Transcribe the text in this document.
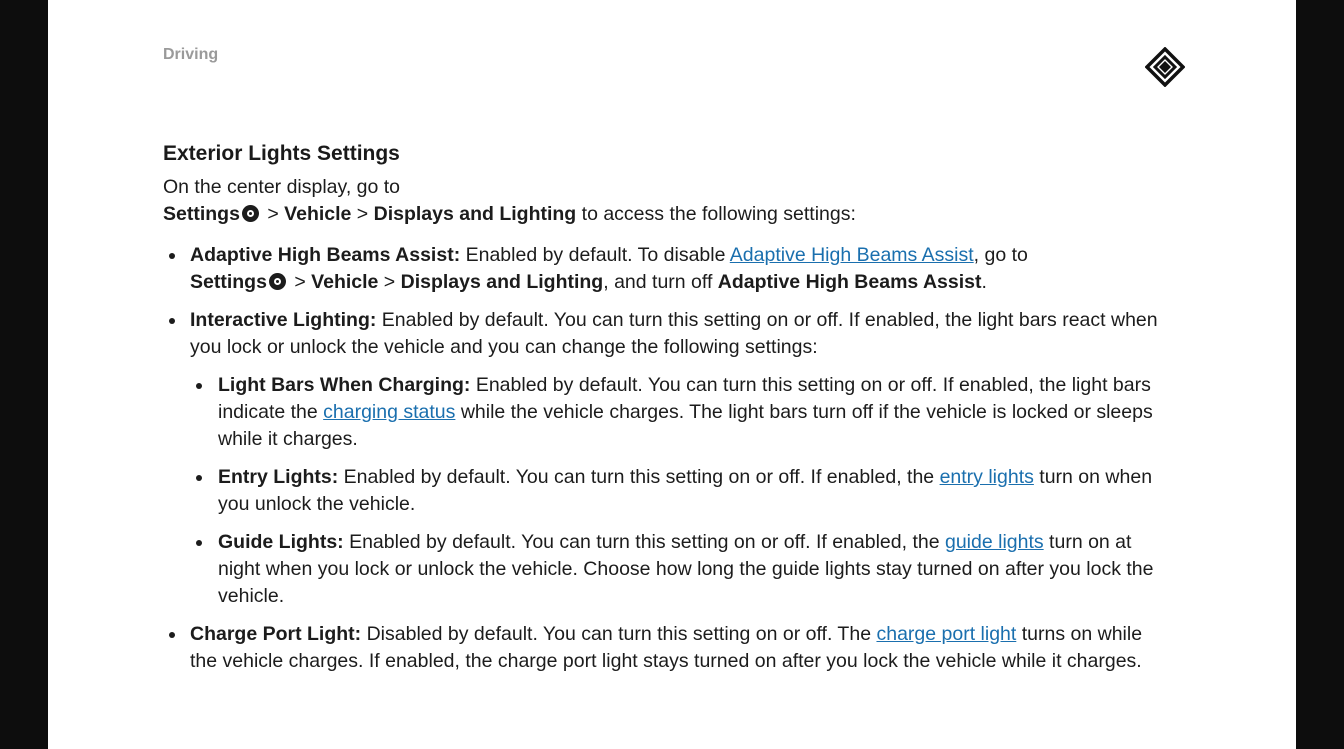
Driving
Exterior Lights Settings

On the center display, go to
Settings > Vehicle > Displays and Lighting to access the following settings:

Adaptive High Beams Assist: Enabled by default. To disable Adaptive High Beams Assist, go to
Settings > Vehicle > Displays and Lighting, and turn off Adaptive High Beams Assist.
Interactive Lighting: Enabled by default. You can turn this setting on or off. If enabled, the light bars react when you lock or unlock the vehicle and you can change the following settings:
Light Bars When Charging: Enabled by default. You can turn this setting on or off. If enabled, the light bars indicate the charging status while the vehicle charges. The light bars turn off if the vehicle is locked or sleeps while it charges.
Entry Lights: Enabled by default. You can turn this setting on or off. If enabled, the entry lights turn on when you unlock the vehicle.
Guide Lights: Enabled by default. You can turn this setting on or off. If enabled, the guide lights turn on at night when you lock or unlock the vehicle. Choose how long the guide lights stay turned on after you lock the vehicle.
Charge Port Light: Disabled by default. You can turn this setting on or off. The charge port light turns on while the vehicle charges. If enabled, the charge port light stays turned on after you lock the vehicle while it charges.
